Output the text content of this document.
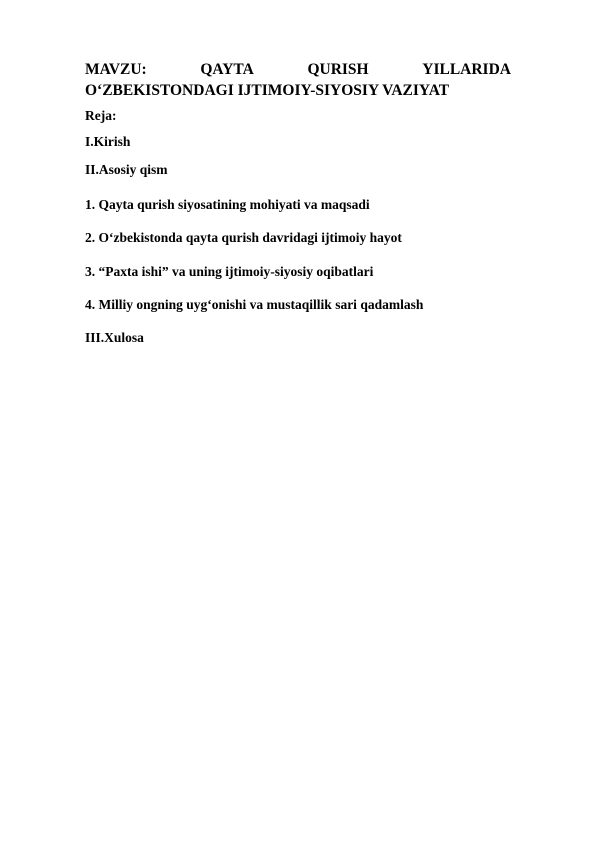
MAVZU:	QAYTA	QURISH	YILLARIDA
O‘ZBEKISTONDAGI IJTIMOIY-SIYOSIY VAZIYAT

Reja:

I.Kirish

II.Asosiy qism

1. Qayta qurish siyosatining mohiyati va maqsadi

2. O‘zbekistonda qayta qurish davridagi ijtimoiy hayot

3. “Paxta ishi” va uning ijtimoiy-siyosiy oqibatlari

4. Milliy ongning uyg‘onishi va mustaqillik sari qadamlash

III.Xulosa
